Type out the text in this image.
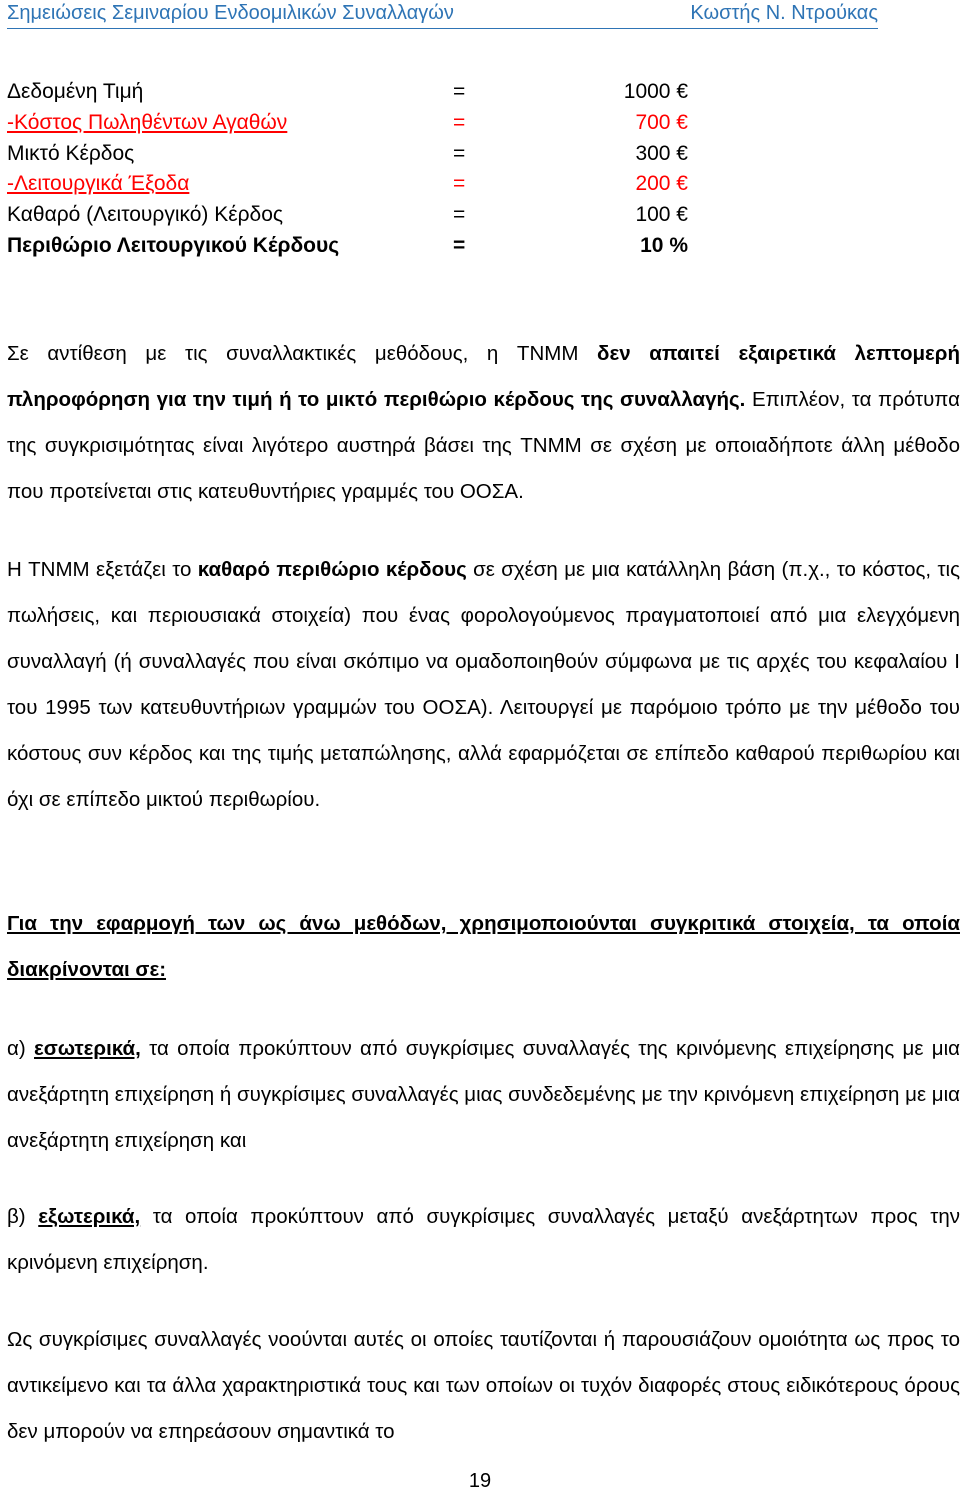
Σημειώσεις Σεμιναρίου Ενδοομιλικών Συναλλαγών	Κωστής Ν. Ντρούκας
Δεδομένη Τιμή	=	1000 €
-Κόστος Πωληθέντων Αγαθών	=	700 €
Μικτό Κέρδος	=	300 €
-Λειτουργικά Έξοδα	=	200 €
Καθαρό (Λειτουργικό) Κέρδος	=	100 €
Περιθώριο Λειτουργικού Κέρδους	=	10 %

Σε αντίθεση με τις συναλλακτικές μεθόδους, η TNMM δεν απαιτεί εξαιρετικά λεπτομερή πληροφόρηση για την τιμή ή το μικτό περιθώριο κέρδους της συναλλαγής. Επιπλέον, τα πρότυπα της συγκρισιμότητας είναι λιγότερο αυστηρά βάσει της TNMM σε σχέση με οποιαδήποτε άλλη μέθοδο που προτείνεται στις κατευθυντήριες γραμμές του ΟΟΣΑ.

Η TNMM εξετάζει το καθαρό περιθώριο κέρδους σε σχέση με μια κατάλληλη βάση (π.χ., το κόστος, τις πωλήσεις, και περιουσιακά στοιχεία) που ένας φορολογούμενος πραγματοποιεί από μια ελεγχόμενη συναλλαγή (ή συναλλαγές που είναι σκόπιμο να ομαδοποιηθούν σύμφωνα με τις αρχές του κεφαλαίου I του 1995 των κατευθυντήριων γραμμών του ΟΟΣΑ). Λειτουργεί με παρόμοιο τρόπο με την μέθοδο του κόστους συν κέρδος και της τιμής μεταπώλησης, αλλά εφαρμόζεται σε επίπεδο καθαρού περιθωρίου και όχι σε επίπεδο μικτού περιθωρίου.

Για την εφαρμογή των ως άνω μεθόδων, χρησιμοποιούνται συγκριτικά στοιχεία, τα οποία διακρίνονται σε:

α) εσωτερικά, τα οποία προκύπτουν από συγκρίσιμες συναλλαγές της κρινόμενης επιχείρησης με μια ανεξάρτητη επιχείρηση ή συγκρίσιμες συναλλαγές μιας συνδεδεμένης με την κρινόμενη επιχείρηση με μια ανεξάρτητη επιχείρηση και

β) εξωτερικά, τα οποία προκύπτουν από συγκρίσιμες συναλλαγές μεταξύ ανεξάρτητων προς την κρινόμενη επιχείρηση.

Ως συγκρίσιμες συναλλαγές νοούνται αυτές οι οποίες ταυτίζονται ή παρουσιάζουν ομοιότητα ως προς το αντικείμενο και τα άλλα χαρακτηριστικά τους και των οποίων οι τυχόν διαφορές στους ειδικότερους όρους δεν μπορούν να επηρεάσουν σημαντικά το

19
